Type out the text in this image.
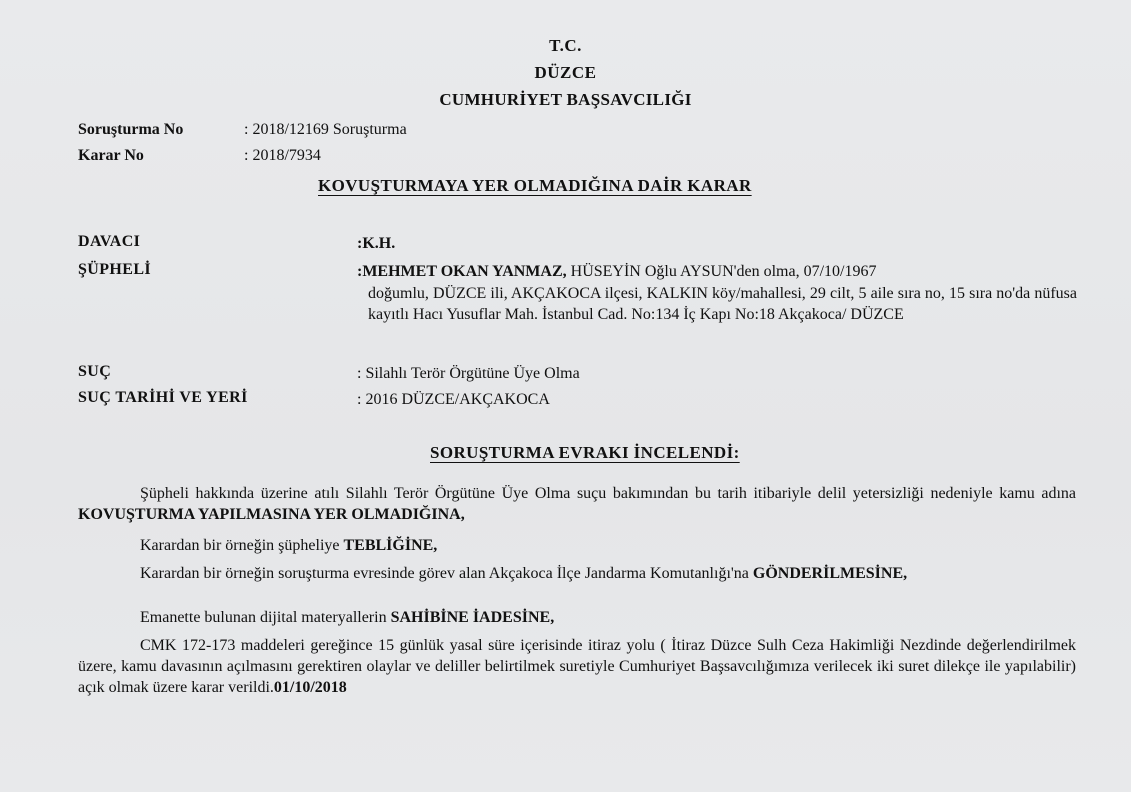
T.C.
DÜZCE
CUMHURİYET BAŞSAVCILIĞI
Soruşturma No	: 2018/12169 Soruşturma
Karar No	: 2018/7934
KOVUŞTURMAYA YER OLMADIĞINA DAİR KARAR
DAVACI	:K.H.
ŞÜPHELİ	:MEHMET OKAN YANMAZ, HÜSEYİN Oğlu AYSUN'den olma, 07/10/1967
doğumlu, DÜZCE ili, AKÇAKOCA ilçesi, KALKIN köy/mahallesi, 29 cilt, 5 aile sıra no, 15 sıra no'da nüfusa kayıtlı Hacı Yusuflar Mah. İstanbul Cad. No:134 İç Kapı No:18 Akçakoca/ DÜZCE
SUÇ	: Silahlı Terör Örgütüne Üye Olma
SUÇ TARİHİ VE YERİ	: 2016 DÜZCE/AKÇAKOCA
SORUŞTURMA EVRAKI İNCELENDİ:
Şüpheli hakkında üzerine atılı Silahlı Terör Örgütüne Üye Olma suçu bakımından bu tarih itibariyle delil yetersizliği nedeniyle kamu adına KOVUŞTURMA YAPILMASINA YER OLMADIĞINA,
Karardan bir örneğin şüpheliye TEBLİĞİNE,
Karardan bir örneğin soruşturma evresinde görev alan Akçakoca İlçe Jandarma Komutanlığı'na GÖNDERİLMESİNE,
Emanette bulunan dijital materyallerin SAHİBİNE İADESİNE,
CMK 172-173 maddeleri gereğince 15 günlük yasal süre içerisinde itiraz yolu ( İtiraz Düzce Sulh Ceza Hakimliği Nezdinde değerlendirilmek üzere, kamu davasının açılmasını gerektiren olaylar ve deliller belirtilmek suretiyle Cumhuriyet Başsavcılığımıza verilecek iki suret dilekçe ile yapılabilir) açık olmak üzere karar verildi.01/10/2018
